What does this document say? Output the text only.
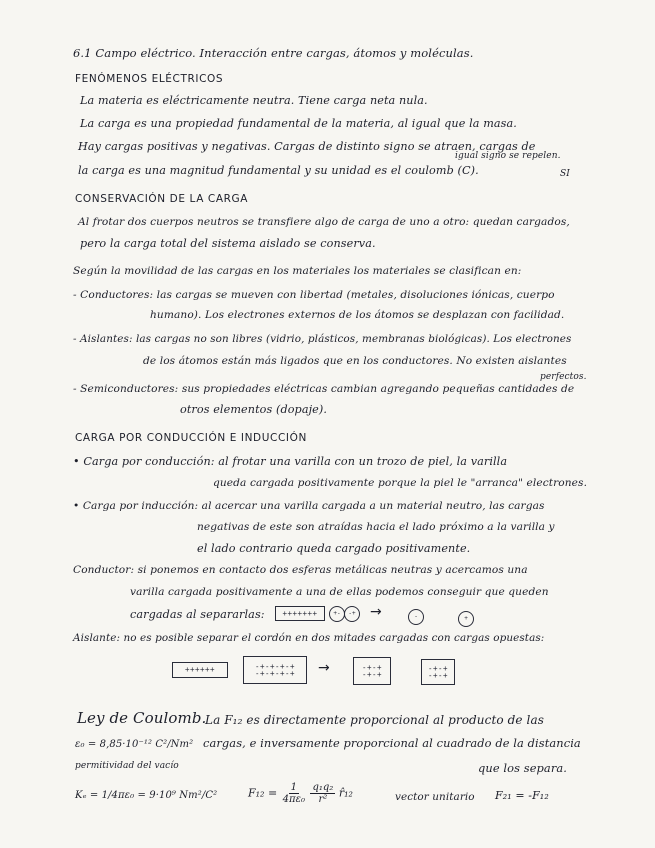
6.1 Campo eléctrico. Interacción entre cargas, átomos y moléculas.
FENÓMENOS ELÉCTRICOS
La materia es eléctricamente neutra. Tiene carga neta nula.
La carga es una propiedad fundamental de la materia, al igual que la masa.
Hay cargas positivas y negativas. Cargas de distinto signo se atraen, cargas de
igual signo se repelen.
la carga es una magnitud fundamental y su unidad es el coulomb (C).	SI
CONSERVACIÓN DE LA CARGA
Al frotar dos cuerpos neutros se transfiere algo de carga de uno a otro: quedan cargados,
pero la carga total del sistema aislado se conserva.
Según la movilidad de las cargas en los materiales los materiales se clasifican en:
- Conductores: las cargas se mueven con libertad (metales, disoluciones iónicas, cuerpo
humano). Los electrones externos de los átomos se desplazan con facilidad.
- Aislantes: las cargas no son libres (vidrio, plásticos, membranas biológicas). Los electrones
de los átomos están más ligados que en los conductores. No existen aislantes
perfectos.
- Semiconductores: sus propiedades eléctricas cambian agregando pequeñas cantidades de
otros elementos (dopaje).
CARGA POR CONDUCCIÓN E INDUCCIÓN
• Carga por conducción: al frotar una varilla con un trozo de piel, la varilla
queda cargada positivamente porque la piel le "arranca" electrones.
• Carga por inducción: al acercar una varilla cargada a un material neutro, las cargas
negativas de este son atraídas hacia el lado próximo a la varilla y
el lado contrario queda cargado positivamente.
Conductor: si ponemos en contacto dos esferas metálicas neutras y acercamos una
varilla cargada positivamente a una de ellas podemos conseguir que queden
cargadas al separarlas:	+++++++	+-	-+	→	-	+
Aislante: no es posible separar el cordón en dos mitades cargadas con cargas opuestas:
++++++	-+-+-+-+
-+-+-+-+ →	-+-+
-+-+
-+-+
-+-+
Ley de Coulomb.
La F₁₂ es directamente proporcional al producto de las
ε₀ = 8,85·10⁻¹² C²/Nm² cargas, e inversamente proporcional al cuadrado de la distancia
permitividad del vacío	que los separa.
Kₑ = 1/4πε₀ = 9·10⁹ Nm²/C²	$F_{12} = \frac{1}{\text{4πε₀}}$
$\frac{\text{q₁q₂}}{\text{r²}}$ r̂₁₂	vector unitario F₂₁ = -F₁₂
